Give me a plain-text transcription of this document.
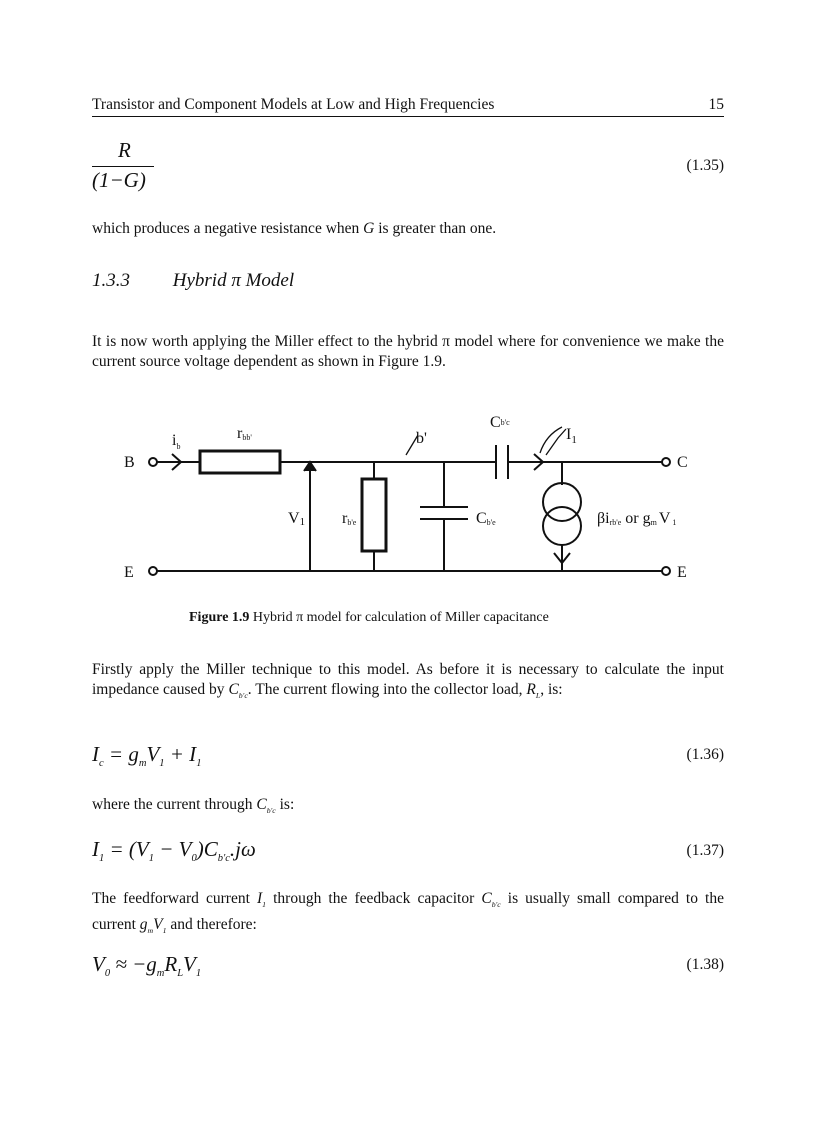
Transistor and Component Models at Low and High Frequencies	15
R
(1−G)
(1.35)
which produces a negative resistance when G is greater than one.
1.3.3 Hybrid π Model
It is now worth applying the Miller effect to the hybrid π model where for convenience we make the current source voltage dependent as shown in Figure 1.9.
B
E
C
E
$i_b$
rbb'	b'
Cb'c
$I_1$
V1 rb'e	Cb'e	βirb'e or gm V 1
Figure 1.9 Hybrid π model for calculation of Miller capacitance
Firstly apply the Miller technique to this model. As before it is necessary to calculate the input impedance caused by $C_{b'c}$. The current flowing into the collector load, $R_L$, is:
$I_c = g_mV_1 + I_1$
(1.36)
where the current through $C_{b'c}$ is:
$I_1 = (V_1 - V_0)C_{b'c}.j\omega$	(1.37)
The feedforward current $I_1$ through the feedback capacitor $C_{b'c}$ is usually small compared to the current $g_mV_1$ and therefore:
$V_0 \approx -g_mR_LV_1$
(1.38)
